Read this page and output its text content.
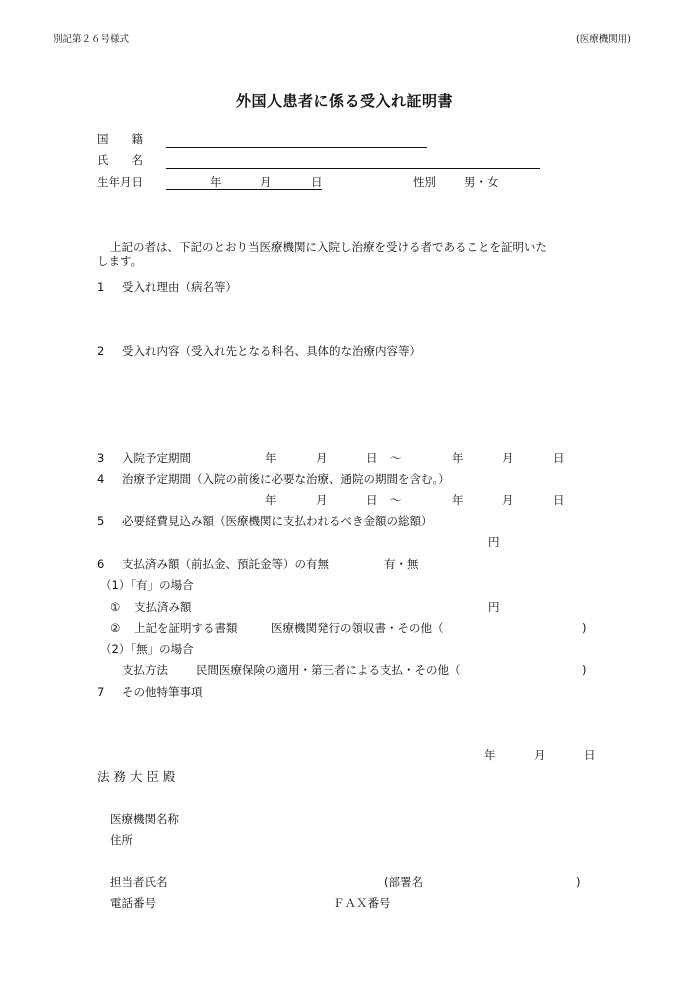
別記第２６号様式	(医療機関用)
外国人患者に係る受入れ証明書
国　　籍
氏　　名
生年月日	年	月	日	性別 男・女
上記の者は、下記のとおり当医療機関に入院し治療を受ける者であることを証明いた
します。
1 受入れ理由（病名等）
2 受入れ内容（受入れ先となる科名、具体的な治療内容等）
3 入院予定期間	年	月	日 ～	年	月	日
4 治療予定期間（入院の前後に必要な治療、通院の期間を含む。）
年	月	日 ～	年	月	日
5 必要経費見込み額（医療機関に支払われるべき金額の総額）
円
6 支払済み額（前払金、預託金等）の有無	有・無
（1）「有」の場合
① 支払済み額	円
② 上記を証明する書類	医療機関発行の領収書・その他（	)
（2）「無」の場合
支払方法 民間医療保険の適用・第三者による支払・その他（	)
7 その他特筆事項
年	月	日
法 務 大 臣 殿
医療機関名称
住所
担当者氏名	(部署名	)
電話番号	ＦＡＸ番号
